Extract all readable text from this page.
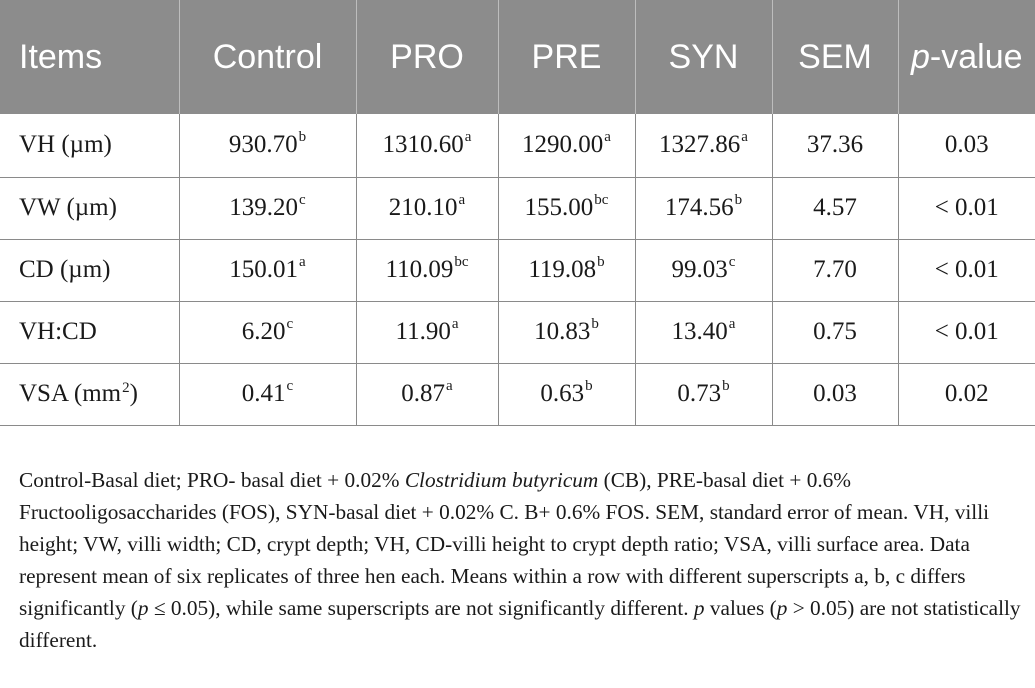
Items	Control	PRO	PRE	SYN	SEM	p-value
VH (µm)	930.70$^b$	1310.60$^a$	1290.00$^a$	1327.86$^a$	37.36	0.03
VW (µm)	139.20$^c$	210.10$^a$	155.00$^{bc}$	174.56$^b$	4.57	< 0.01
CD (µm)	150.01$^a$	110.09$^{bc}$	119.08$^b$	99.03$^c$	7.70	< 0.01
VH:CD	6.20$^c$	11.90$^a$	10.83$^b$	13.40$^a$	0.75	< 0.01
VSA $(mm^2)$	0.41$^c$	0.87$^a$	0.63$^b$	0.73$^b$	0.03	0.02
Control-Basal diet; PRO- basal diet + 0.02% Clostridium butyricum (CB), PRE-basal diet + 0.6% Fructooligosaccharides (FOS), SYN-basal diet + 0.02% C. B+ 0.6% FOS. SEM, standard error of mean. VH, villi height; VW, villi width; CD, crypt depth; VH, CD-villi height to crypt depth ratio; VSA, villi surface area. Data represent mean of six replicates of three hen each. Means within a row with different superscripts a, b, c differs significantly (p ≤ 0.05), while same superscripts are not significantly different. p values (p > 0.05) are not statistically different.
